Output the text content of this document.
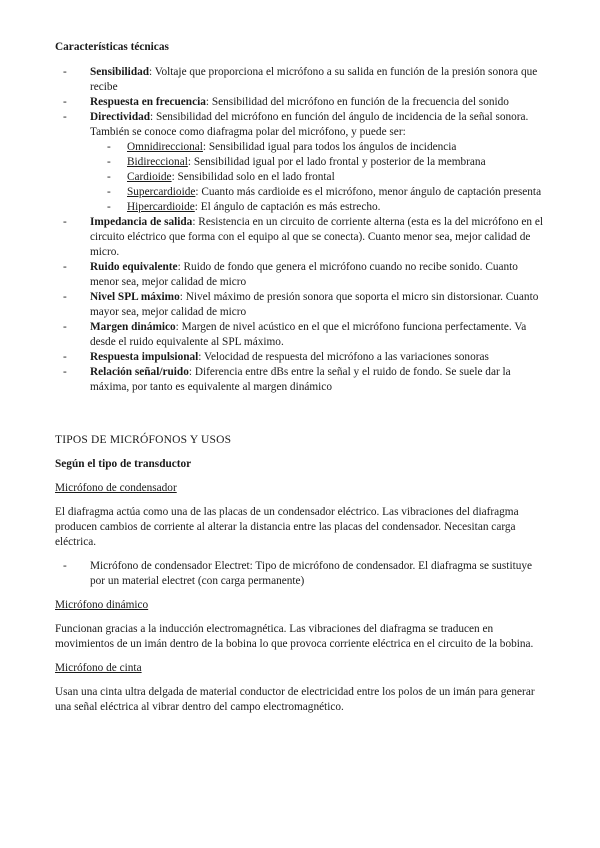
Características técnicas
- Sensibilidad: Voltaje que proporciona el micrófono a su salida en función de la presión sonora que recibe
- Respuesta en frecuencia: Sensibilidad del micrófono en función de la frecuencia del sonido
- Directividad: Sensibilidad del micrófono en función del ángulo de incidencia de la señal sonora. También se conoce como diafragma polar del micrófono, y puede ser:
- Omnidireccional: Sensibilidad igual para todos los ángulos de incidencia
- Bidireccional: Sensibilidad igual por el lado frontal y posterior de la membrana
- Cardioide: Sensibilidad solo en el lado frontal
- Supercardioide: Cuanto más cardioide es el micrófono, menor ángulo de captación presenta
- Hipercardioide: El ángulo de captación es más estrecho.
- Impedancia de salida: Resistencia en un circuito de corriente alterna (esta es la del micrófono en el circuito eléctrico que forma con el equipo al que se conecta). Cuanto menor sea, mejor calidad de micro.
- Ruido equivalente: Ruido de fondo que genera el micrófono cuando no recibe sonido. Cuanto menor sea, mejor calidad de micro
- Nivel SPL máximo: Nivel máximo de presión sonora que soporta el micro sin distorsionar. Cuanto mayor sea, mejor calidad de micro
- Margen dinámico: Margen de nivel acústico en el que el micrófono funciona perfectamente. Va desde el ruido equivalente al SPL máximo.
- Respuesta impulsional: Velocidad de respuesta del micrófono a las variaciones sonoras
- Relación señal/ruido: Diferencia entre dBs entre la señal y el ruido de fondo. Se suele dar la máxima, por tanto es equivalente al margen dinámico
TIPOS DE MICRÓFONOS Y USOS
Según el tipo de transductor
Micrófono de condensador

El diafragma actúa como una de las placas de un condensador eléctrico. Las vibraciones del diafragma producen cambios de corriente al alterar la distancia entre las placas del condensador. Necesitan carga eléctrica.

- Micrófono de condensador Electret: Tipo de micrófono de condensador. El diafragma se sustituye por un material electret (con carga permanente)
Micrófono dinámico

Funcionan gracias a la inducción electromagnética. Las vibraciones del diafragma se traducen en movimientos de un imán dentro de la bobina lo que provoca corriente eléctrica en el circuito de la bobina.

Micrófono de cinta

Usan una cinta ultra delgada de material conductor de electricidad entre los polos de un imán para generar una señal eléctrica al vibrar dentro del campo electromagnético.
